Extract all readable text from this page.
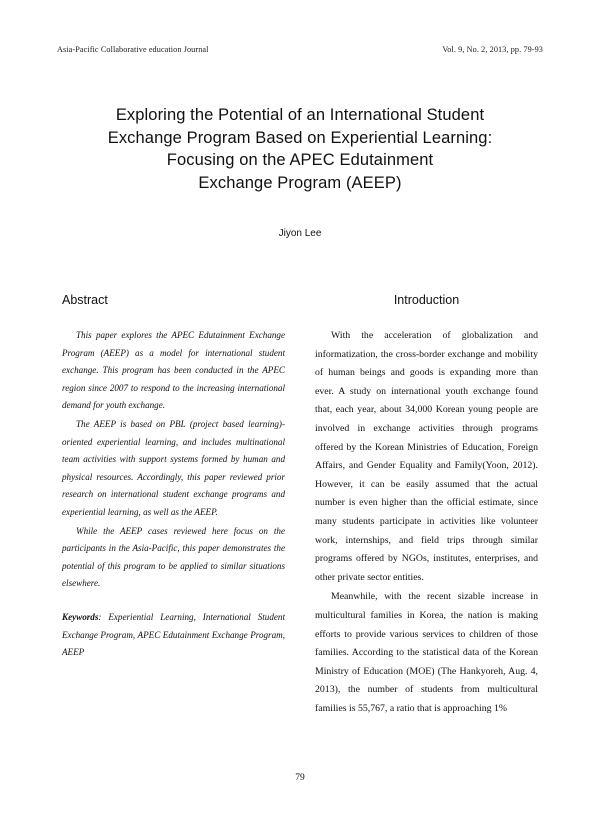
Asia-Pacific Collaborative education Journal	Vol. 9, No. 2, 2013, pp. 79-93
Exploring the Potential of an International Student
Exchange Program Based on Experiential Learning:
Focusing on the APEC Edutainment
Exchange Program (AEEP)
Jiyon Lee
Abstract

This paper explores the APEC Edutainment Exchange Program (AEEP) as a model for international student exchange. This program has been conducted in the APEC region since 2007 to respond to the increasing international demand for youth exchange.

The AEEP is based on PBL (project based learning)-oriented experiential learning, and includes multinational team activities with support systems formed by human and physical resources. Accordingly, this paper reviewed prior research on international student exchange programs and experiential learning, as well as the AEEP.

While the AEEP cases reviewed here focus on the participants in the Asia-Pacific, this paper demonstrates the potential of this program to be applied to similar situations elsewhere.

Keywords: Experiential Learning, International Student Exchange Program, APEC Edutainment Exchange Program, AEEP

Introduction

With the acceleration of globalization and informatization, the cross-border exchange and mobility of human beings and goods is expanding more than ever. A study on international youth exchange found that, each year, about 34,000 Korean young people are involved in exchange activities through programs offered by the Korean Ministries of Education, Foreign Affairs, and Gender Equality and Family(Yoon, 2012). However, it can be easily assumed that the actual number is even higher than the official estimate, since many students participate in activities like volunteer work, internships, and field trips through similar programs offered by NGOs, institutes, enterprises, and other private sector entities.

Meanwhile, with the recent sizable increase in multicultural families in Korea, the nation is making efforts to provide various services to children of those families. According to the statistical data of the Korean Ministry of Education (MOE) (The Hankyoreh, Aug. 4, 2013), the number of students from multicultural families is 55,767, a ratio that is approaching 1%

79
